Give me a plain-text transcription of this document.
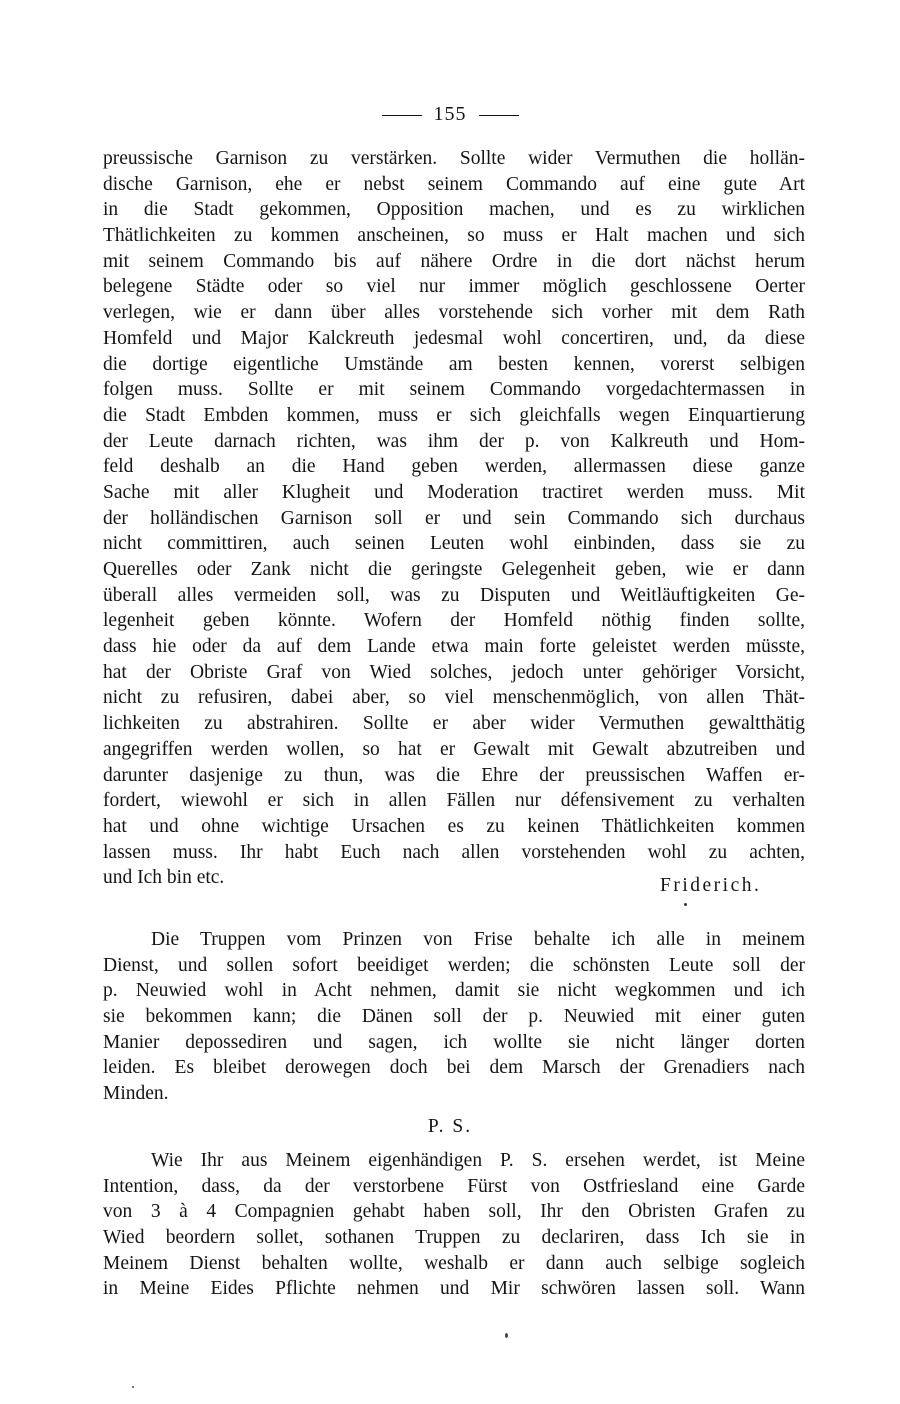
155
preussische Garnison zu verstärken. Sollte wider Vermuthen die hollän-
dische Garnison, ehe er nebst seinem Commando auf eine gute Art
in die Stadt gekommen, Opposition machen, und es zu wirklichen
Thätlichkeiten zu kommen anscheinen, so muss er Halt machen und sich
mit seinem Commando bis auf nähere Ordre in die dort nächst herum
belegene Städte oder so viel nur immer möglich geschlossene Oerter
verlegen, wie er dann über alles vorstehende sich vorher mit dem Rath
Homfeld und Major Kalckreuth jedesmal wohl concertiren, und, da diese
die dortige eigentliche Umstände am besten kennen, vorerst selbigen
folgen muss. Sollte er mit seinem Commando vorgedachtermassen in
die Stadt Embden kommen, muss er sich gleichfalls wegen Einquartierung
der Leute darnach richten, was ihm der p. von Kalkreuth und Hom-
feld deshalb an die Hand geben werden, allermassen diese ganze
Sache mit aller Klugheit und Moderation tractiret werden muss. Mit
der holländischen Garnison soll er und sein Commando sich durchaus
nicht committiren, auch seinen Leuten wohl einbinden, dass sie zu
Querelles oder Zank nicht die geringste Gelegenheit geben, wie er dann
überall alles vermeiden soll, was zu Disputen und Weitläuftigkeiten Ge-
legenheit geben könnte. Wofern der Homfeld nöthig finden sollte,
dass hie oder da auf dem Lande etwa main forte geleistet werden müsste,
hat der Obriste Graf von Wied solches, jedoch unter gehöriger Vorsicht,
nicht zu refusiren, dabei aber, so viel menschenmöglich, von allen Thät-
lichkeiten zu abstrahiren. Sollte er aber wider Vermuthen gewaltthätig
angegriffen werden wollen, so hat er Gewalt mit Gewalt abzutreiben und
darunter dasjenige zu thun, was die Ehre der preussischen Waffen er-
fordert, wiewohl er sich in allen Fällen nur défensivement zu verhalten
hat und ohne wichtige Ursachen es zu keinen Thätlichkeiten kommen
lassen muss. Ihr habt Euch nach allen vorstehenden wohl zu achten,
und Ich bin etc.	Friderich.
Die Truppen vom Prinzen von Frise behalte ich alle in meinem
Dienst, und sollen sofort beeidiget werden; die schönsten Leute soll der
p. Neuwied wohl in Acht nehmen, damit sie nicht wegkommen und ich
sie bekommen kann; die Dänen soll der p. Neuwied mit einer guten
Manier depossediren und sagen, ich wollte sie nicht länger dorten
leiden. Es bleibet derowegen doch bei dem Marsch der Grenadiers nach
Minden.
P. S.
Wie Ihr aus Meinem eigenhändigen P. S. ersehen werdet, ist Meine
Intention, dass, da der verstorbene Fürst von Ostfriesland eine Garde
von 3 à 4 Compagnien gehabt haben soll, Ihr den Obristen Grafen zu
Wied beordern sollet, sothanen Truppen zu declariren, dass Ich sie in
Meinem Dienst behalten wollte, weshalb er dann auch selbige sogleich
in Meine Eides Pflichte nehmen und Mir schwören lassen soll. Wann
